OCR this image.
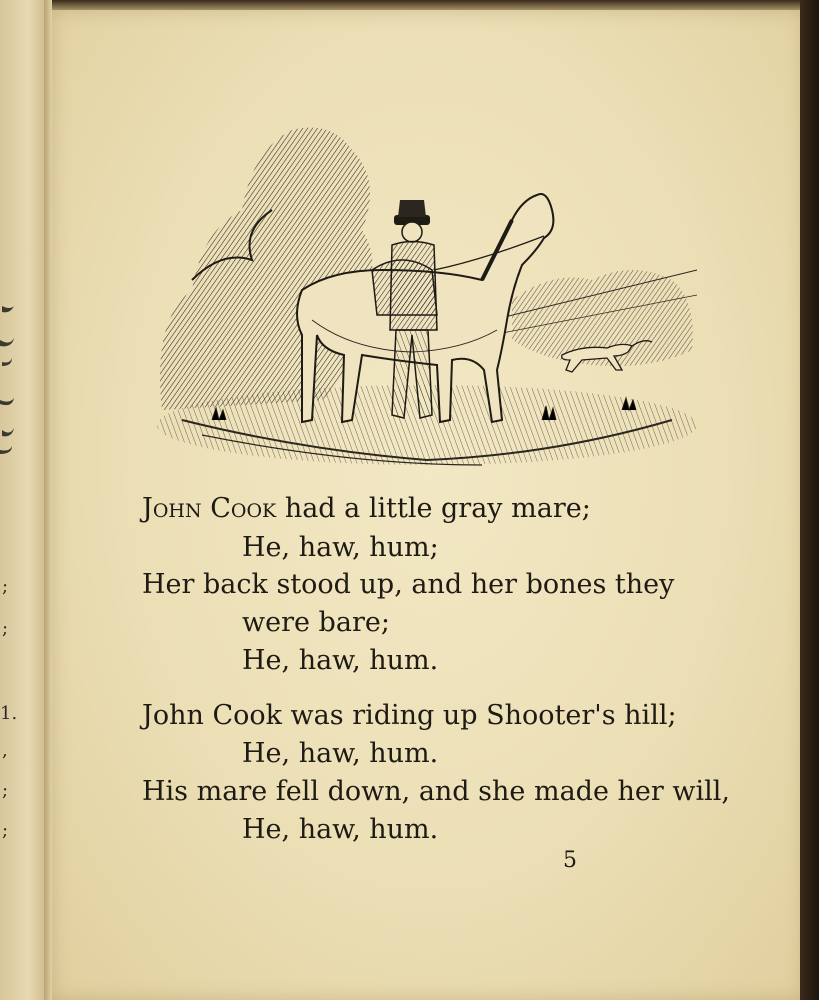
;
;
1.
,
;
;
John Cook had a little gray mare;
He, haw, hum;
Her back stood up, and her bones they
were bare;
He, haw, hum.
John Cook was riding up Shooter's hill;
He, haw, hum.
His mare fell down, and she made her will,
He, haw, hum.
5
